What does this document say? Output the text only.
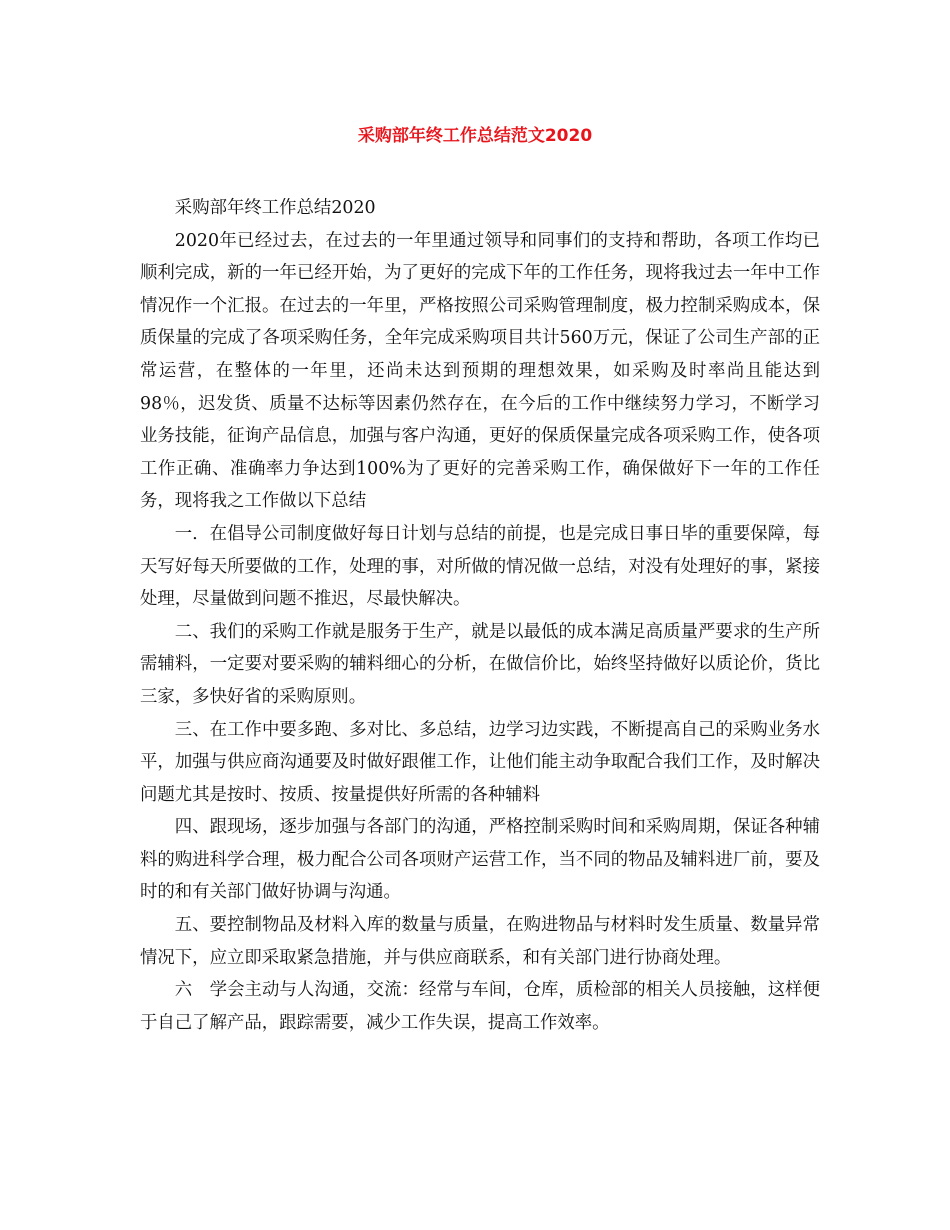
采购部年终工作总结范文2020

采购部年终工作总结2020

2020年已经过去，在过去的一年里通过领导和同事们的支持和帮助，各项工作均已顺利完成，新的一年已经开始，为了更好的完成下年的工作任务，现将我过去一年中工作情况作一个汇报。在过去的一年里，严格按照公司采购管理制度，极力控制采购成本，保质保量的完成了各项采购任务，全年完成采购项目共计560万元，保证了公司生产部的正常运营，在整体的一年里，还尚未达到预期的理想效果，如采购及时率尚且能达到98％，迟发货、质量不达标等因素仍然存在，在今后的工作中继续努力学习，不断学习业务技能，征询产品信息，加强与客户沟通，更好的保质保量完成各项采购工作，使各项工作正确、准确率力争达到100%为了更好的完善采购工作，确保做好下一年的工作任务，现将我之工作做以下总结

一．在倡导公司制度做好每日计划与总结的前提，也是完成日事日毕的重要保障，每天写好每天所要做的工作，处理的事，对所做的情况做一总结，对没有处理好的事，紧接处理，尽量做到问题不推迟，尽最快解决。

二、我们的采购工作就是服务于生产，就是以最低的成本满足高质量严要求的生产所需辅料，一定要对要采购的辅料细心的分析，在做信价比，始终坚持做好以质论价，货比三家，多快好省的采购原则。

三、在工作中要多跑、多对比、多总结，边学习边实践，不断提高自己的采购业务水平，加强与供应商沟通要及时做好跟催工作，让他们能主动争取配合我们工作，及时解决问题尤其是按时、按质、按量提供好所需的各种辅料

四、跟现场，逐步加强与各部门的沟通，严格控制采购时间和采购周期，保证各种辅料的购进科学合理，极力配合公司各项财产运营工作，当不同的物品及辅料进厂前，要及时的和有关部门做好协调与沟通。

五、要控制物品及材料入库的数量与质量，在购进物品与材料时发生质量、数量异常情况下，应立即采取紧急措施，并与供应商联系，和有关部门进行协商处理。

六　学会主动与人沟通，交流：经常与车间，仓库，质检部的相关人员接触，这样便于自己了解产品，跟踪需要，减少工作失误，提高工作效率。
